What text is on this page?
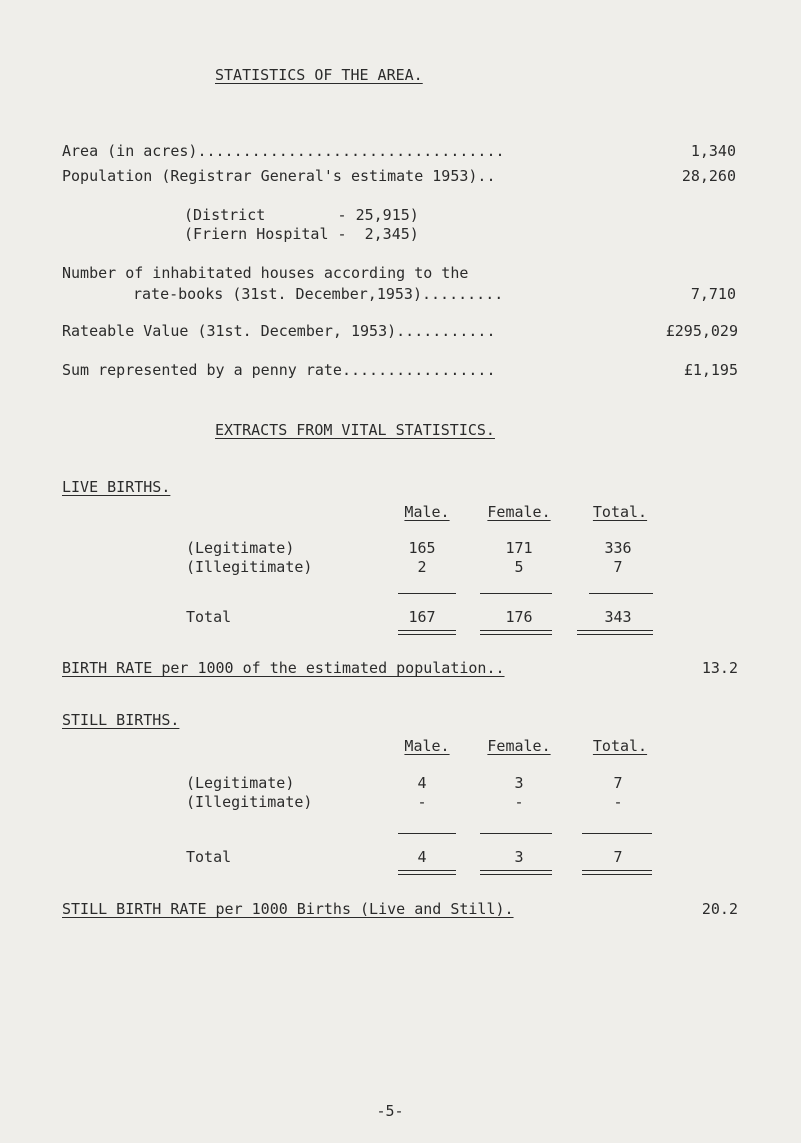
STATISTICS OF THE AREA.
Area (in acres)..................................	1,340
Population (Registrar General's estimate 1953)..	28,260
(District        - 25,915)
(Friern Hospital -  2,345)
Number of inhabitated houses according to the
rate-books (31st. December,1953).........	7,710
Rateable Value (31st. December, 1953)...........	£295,029
Sum represented by a penny rate.................	£1,195
EXTRACTS FROM VITAL STATISTICS.
LIVE BIRTHS.
Male.	Female.	Total.
(Legitimate)	165	171	336
(Illegitimate)	2	5	7
Total	167	176	343
BIRTH RATE per 1000 of the estimated population..	13.2
STILL BIRTHS.
Male.	Female.	Total.
(Legitimate)	4	3	7
(Illegitimate)	-	-	-
Total	4	3	7
STILL BIRTH RATE per 1000 Births (Live and Still).	20.2
-5-
